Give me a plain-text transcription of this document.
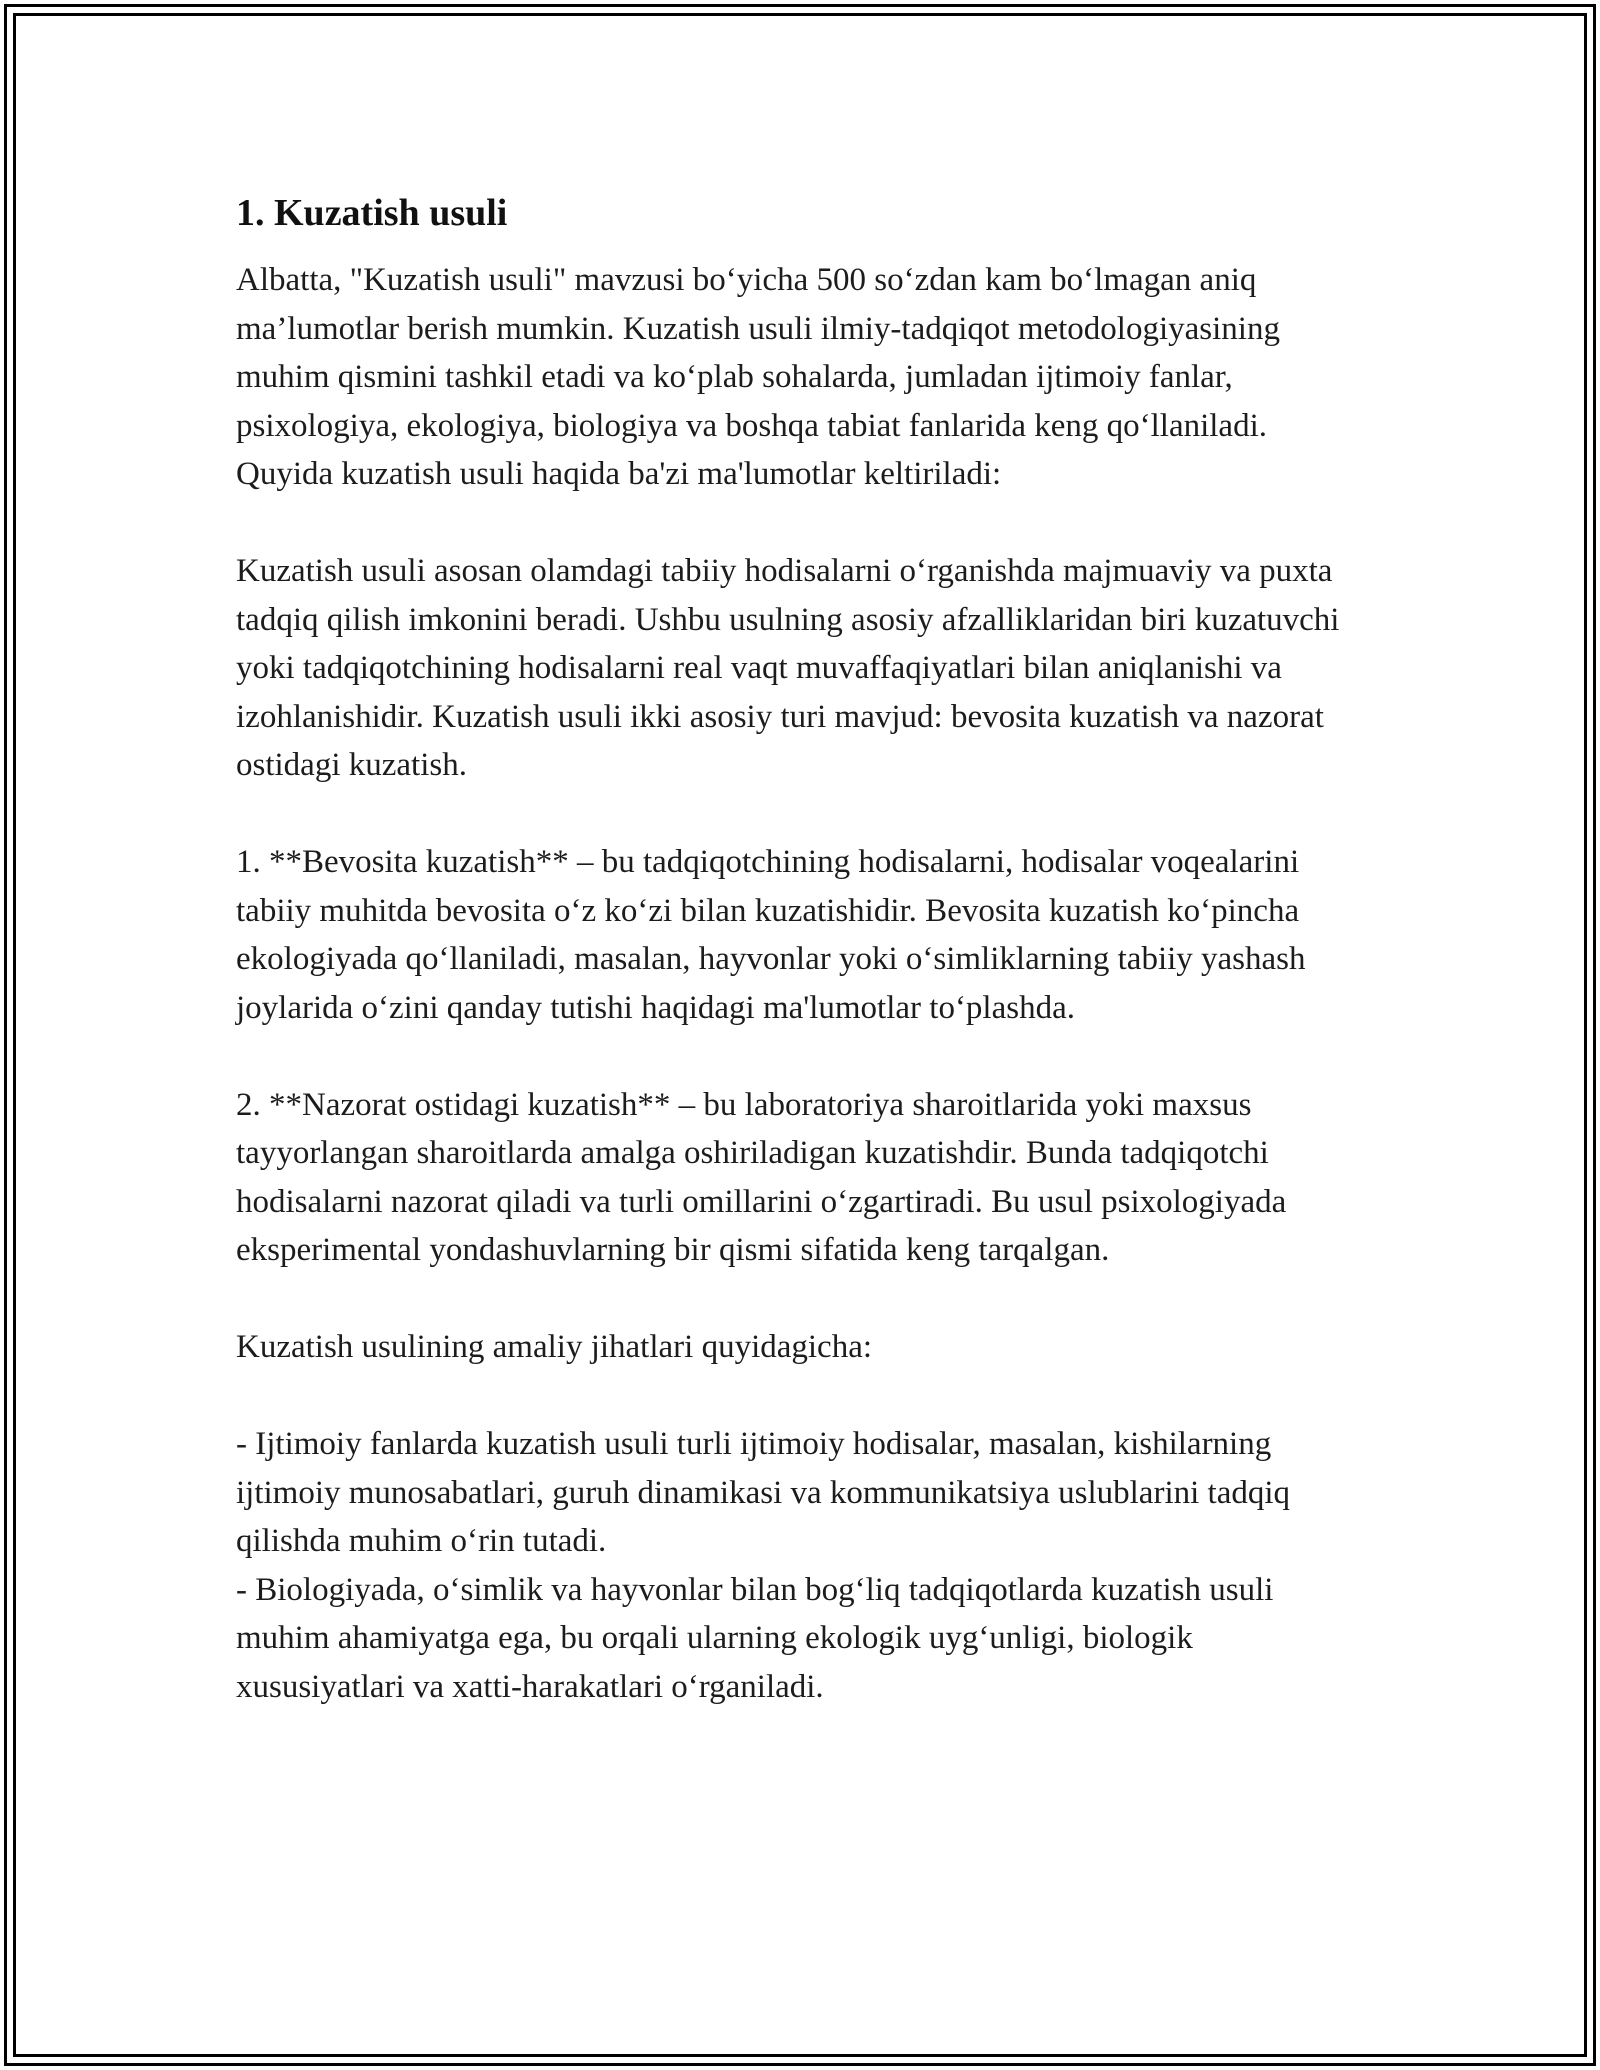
1. Kuzatish usuli

Albatta, "Kuzatish usuli" mavzusi bo‘yicha 500 so‘zdan kam bo‘lmagan aniq ma’lumotlar berish mumkin. Kuzatish usuli ilmiy-tadqiqot metodologiyasining muhim qismini tashkil etadi va ko‘plab sohalarda, jumladan ijtimoiy fanlar, psixologiya, ekologiya, biologiya va boshqa tabiat fanlarida keng qo‘llaniladi. Quyida kuzatish usuli haqida ba'zi ma'lumotlar keltiriladi:

Kuzatish usuli asosan olamdagi tabiiy hodisalarni o‘rganishda majmuaviy va puxta tadqiq qilish imkonini beradi. Ushbu usulning asosiy afzalliklaridan biri kuzatuvchi yoki tadqiqotchining hodisalarni real vaqt muvaffaqiyatlari bilan aniqlanishi va izohlanishidir. Kuzatish usuli ikki asosiy turi mavjud: bevosita kuzatish va nazorat ostidagi kuzatish.

1. **Bevosita kuzatish** – bu tadqiqotchining hodisalarni, hodisalar voqealarini tabiiy muhitda bevosita o‘z ko‘zi bilan kuzatishidir. Bevosita kuzatish ko‘pincha ekologiyada qo‘llaniladi, masalan, hayvonlar yoki o‘simliklarning tabiiy yashash joylarida o‘zini qanday tutishi haqidagi ma'lumotlar to‘plashda.

2. **Nazorat ostidagi kuzatish** – bu laboratoriya sharoitlarida yoki maxsus tayyorlangan sharoitlarda amalga oshiriladigan kuzatishdir. Bunda tadqiqotchi hodisalarni nazorat qiladi va turli omillarini o‘zgartiradi. Bu usul psixologiyada eksperimental yondashuvlarning bir qismi sifatida keng tarqalgan.

Kuzatish usulining amaliy jihatlari quyidagicha:

- Ijtimoiy fanlarda kuzatish usuli turli ijtimoiy hodisalar, masalan, kishilarning ijtimoiy munosabatlari, guruh dinamikasi va kommunikatsiya uslublarini tadqiq qilishda muhim o‘rin tutadi.

- Biologiyada, o‘simlik va hayvonlar bilan bog‘liq tadqiqotlarda kuzatish usuli muhim ahamiyatga ega, bu orqali ularning ekologik uyg‘unligi, biologik xususiyatlari va xatti-harakatlari o‘rganiladi.
